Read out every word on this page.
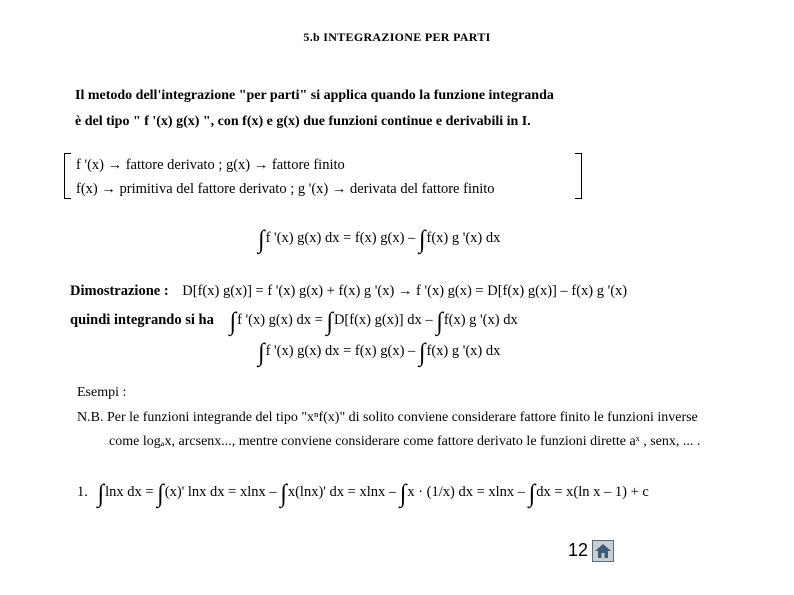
5.b INTEGRAZIONE PER PARTI
Il metodo dell'integrazione "per parti" si applica quando la funzione integranda
è del tipo " f '(x) g(x) ", con f(x) e g(x) due funzioni continue e derivabili in I.
f '(x) → fattore derivato ; g(x) → fattore finito
f(x) → primitiva del fattore derivato ; g '(x) → derivata del fattore finito
∫f '(x) g(x) dx = f(x) g(x) – ∫f(x) g '(x) dx
Dimostrazione : D[f(x) g(x)] = f '(x) g(x) + f(x) g '(x) → f '(x) g(x) = D[f(x) g(x)] – f(x) g '(x)
quindi integrando si ha ∫f '(x) g(x) dx = ∫D[f(x) g(x)] dx – ∫f(x) g '(x) dx
∫f '(x) g(x) dx = f(x) g(x) – ∫f(x) g '(x) dx
Esempi :
N.B. Per le funzioni integrande del tipo "xⁿf(x)" di solito conviene considerare fattore finito le funzioni inverse
come logₐx, arcsenx..., mentre conviene considerare come fattore derivato le funzioni dirette aˣ , senx, ... .
1. ∫lnx dx = ∫(x)' lnx dx = xlnx – ∫x(lnx)' dx = xlnx – ∫x · (1/x) dx = xlnx – ∫dx = x(ln x – 1) + c
12
